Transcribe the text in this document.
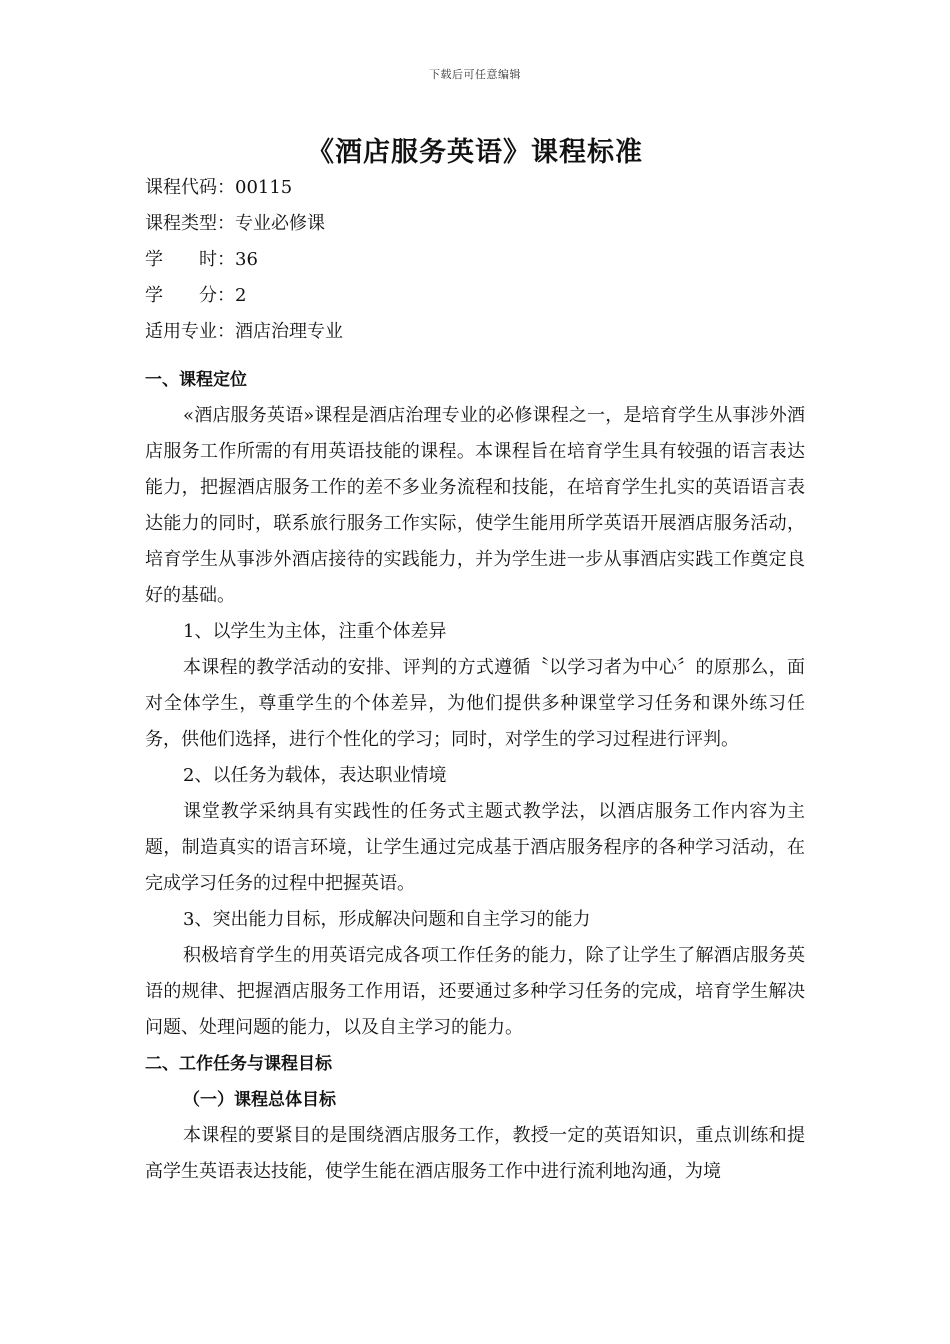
下载后可任意编辑
《酒店服务英语》课程标准
课程代码：00115
课程类型：专业必修课
学　　时：36
学　　分：2
适用专业：酒店治理专业
一、课程定位

«酒店服务英语»课程是酒店治理专业的必修课程之一，是培育学生从事涉外酒店服务工作所需的有用英语技能的课程。本课程旨在培育学生具有较强的语言表达能力，把握酒店服务工作的差不多业务流程和技能，在培育学生扎实的英语语言表达能力的同时，联系旅行服务工作实际，使学生能用所学英语开展酒店服务活动，培育学生从事涉外酒店接待的实践能力，并为学生进一步从事酒店实践工作奠定良好的基础。

1、以学生为主体，注重个体差异

本课程的教学活动的安排、评判的方式遵循〝以学习者为中心〞的原那么，面对全体学生，尊重学生的个体差异，为他们提供多种课堂学习任务和课外练习任务，供他们选择，进行个性化的学习；同时，对学生的学习过程进行评判。

2、以任务为载体，表达职业情境

课堂教学采纳具有实践性的任务式主题式教学法，以酒店服务工作内容为主题，制造真实的语言环境，让学生通过完成基于酒店服务程序的各种学习活动，在完成学习任务的过程中把握英语。

3、突出能力目标，形成解决问题和自主学习的能力

积极培育学生的用英语完成各项工作任务的能力，除了让学生了解酒店服务英语的规律、把握酒店服务工作用语，还要通过多种学习任务的完成，培育学生解决问题、处理问题的能力，以及自主学习的能力。

二、工作任务与课程目标
（一）课程总体目标

本课程的要紧目的是围绕酒店服务工作，教授一定的英语知识，重点训练和提高学生英语表达技能，使学生能在酒店服务工作中进行流利地沟通，为境
